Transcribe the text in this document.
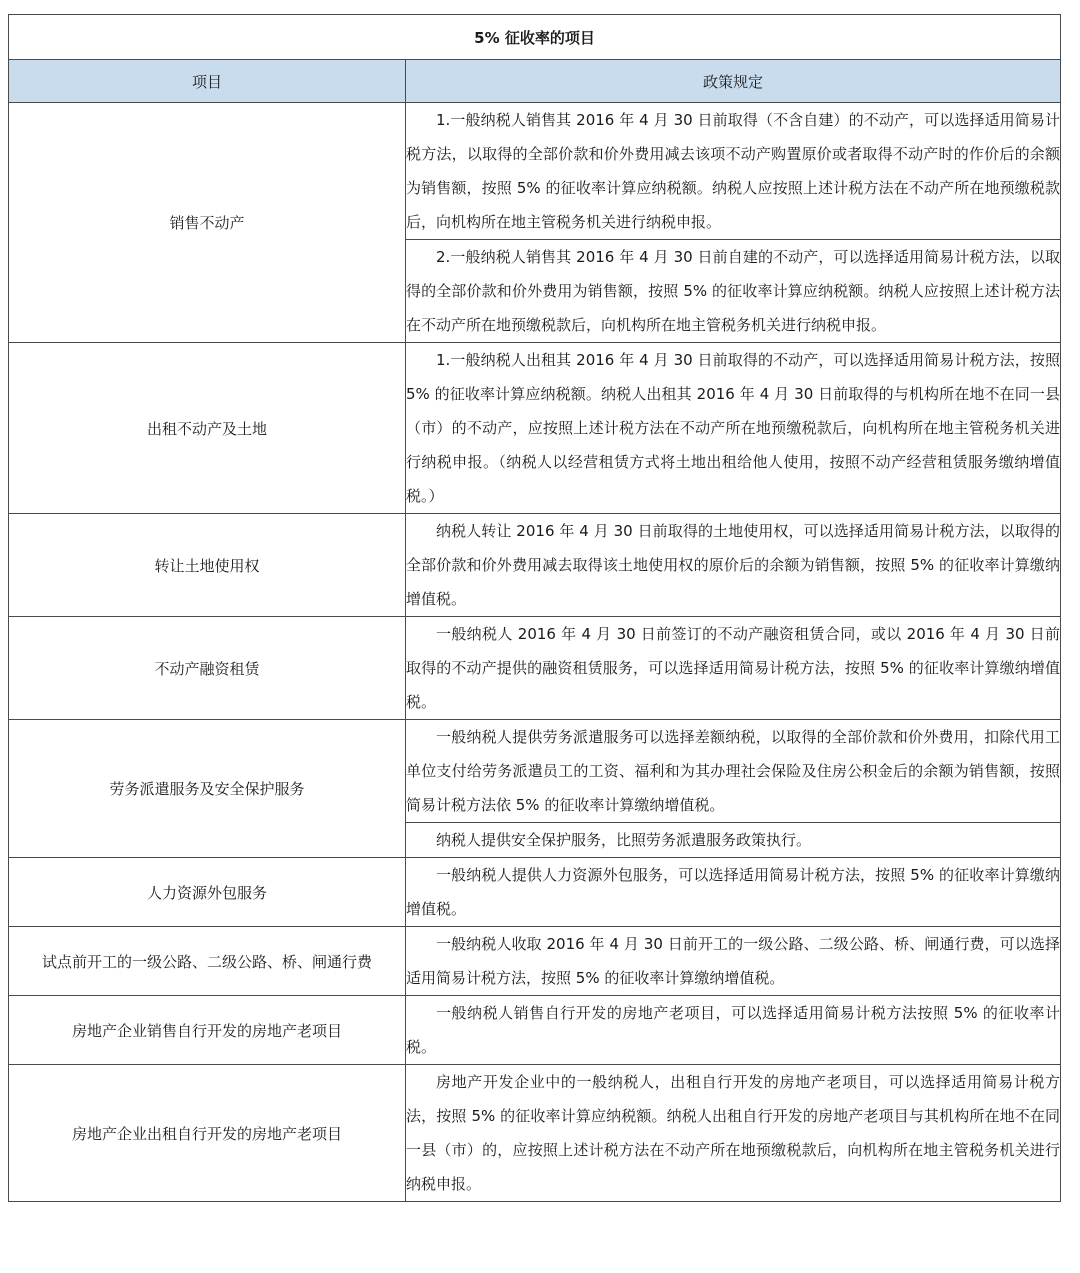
5% 征收率的项目	
项目	政策规定
销售不动产	1.一般纳税人销售其 2016 年 4 月 30 日前取得（不含自建）的不动产，可以选择适用简易计税方法，以取得的全部价款和价外费用减去该项不动产购置原价或者取得不动产时的作价后的余额为销售额，按照 5% 的征收率计算应纳税额。纳税人应按照上述计税方法在不动产所在地预缴税款后，向机构所在地主管税务机关进行纳税申报。
	2.一般纳税人销售其 2016 年 4 月 30 日前自建的不动产，可以选择适用简易计税方法，以取得的全部价款和价外费用为销售额，按照 5% 的征收率计算应纳税额。纳税人应按照上述计税方法在不动产所在地预缴税款后，向机构所在地主管税务机关进行纳税申报。
出租不动产及土地	1.一般纳税人出租其 2016 年 4 月 30 日前取得的不动产，可以选择适用简易计税方法，按照 5% 的征收率计算应纳税额。纳税人出租其 2016 年 4 月 30 日前取得的与机构所在地不在同一县（市）的不动产，应按照上述计税方法在不动产所在地预缴税款后，向机构所在地主管税务机关进行纳税申报。（纳税人以经营租赁方式将土地出租给他人使用，按照不动产经营租赁服务缴纳增值税。）
转让土地使用权	纳税人转让 2016 年 4 月 30 日前取得的土地使用权，可以选择适用简易计税方法，以取得的全部价款和价外费用减去取得该土地使用权的原价后的余额为销售额，按照 5% 的征收率计算缴纳增值税。
不动产融资租赁	一般纳税人 2016 年 4 月 30 日前签订的不动产融资租赁合同，或以 2016 年 4 月 30 日前取得的不动产提供的融资租赁服务，可以选择适用简易计税方法，按照 5% 的征收率计算缴纳增值税。
劳务派遣服务及安全保护服务	一般纳税人提供劳务派遣服务可以选择差额纳税，以取得的全部价款和价外费用，扣除代用工单位支付给劳务派遣员工的工资、福利和为其办理社会保险及住房公积金后的余额为销售额，按照简易计税方法依 5% 的征收率计算缴纳增值税。
	纳税人提供安全保护服务，比照劳务派遣服务政策执行。
人力资源外包服务	一般纳税人提供人力资源外包服务，可以选择适用简易计税方法，按照 5% 的征收率计算缴纳增值税。
试点前开工的一级公路、二级公路、桥、闸通行费	一般纳税人收取 2016 年 4 月 30 日前开工的一级公路、二级公路、桥、闸通行费，可以选择适用简易计税方法，按照 5% 的征收率计算缴纳增值税。
房地产企业销售自行开发的房地产老项目	一般纳税人销售自行开发的房地产老项目，可以选择适用简易计税方法按照 5% 的征收率计税。
房地产企业出租自行开发的房地产老项目	房地产开发企业中的一般纳税人，出租自行开发的房地产老项目，可以选择适用简易计税方法，按照 5% 的征收率计算应纳税额。纳税人出租自行开发的房地产老项目与其机构所在地不在同一县（市）的，应按照上述计税方法在不动产所在地预缴税款后，向机构所在地主管税务机关进行纳税申报。
